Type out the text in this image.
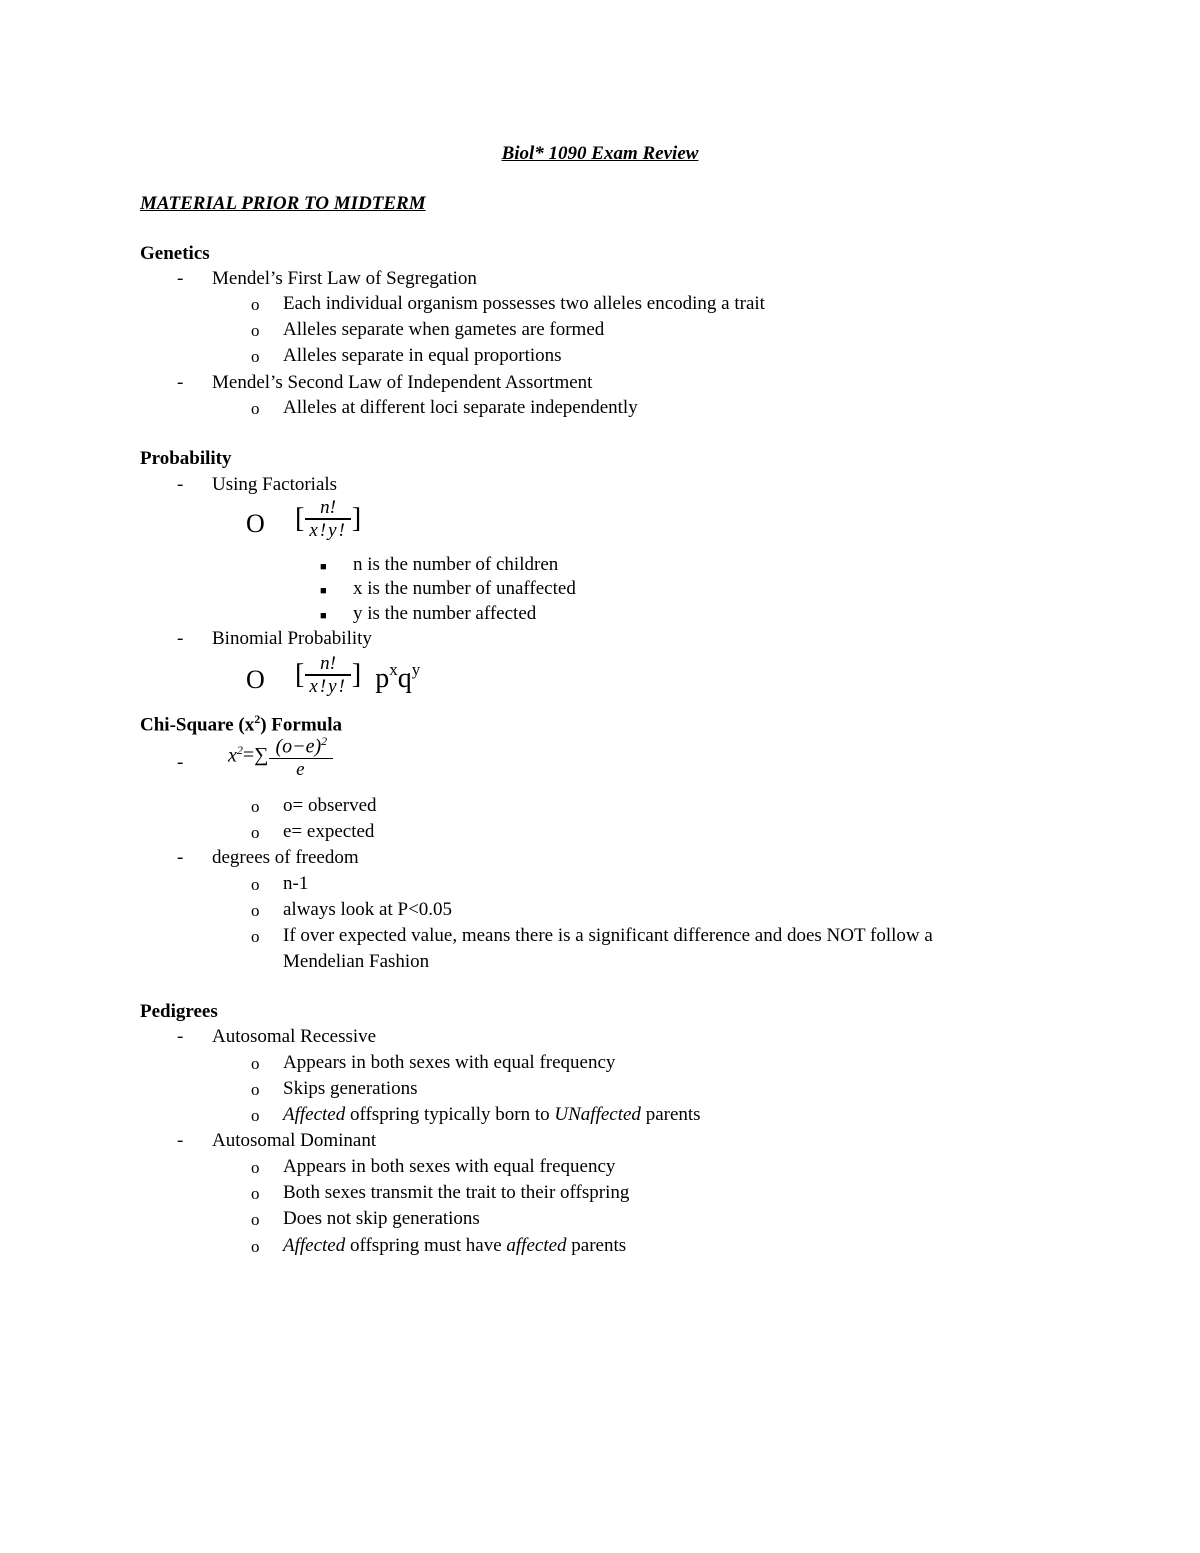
Biol* 1090 Exam Review
MATERIAL PRIOR TO MIDTERM
Genetics
- Mendel’s First Law of Segregation
o Each individual organism possesses two alleles encoding a trait
o Alleles separate when gametes are formed
o Alleles separate in equal proportions
- Mendel’s Second Law of Independent Assortment
o Alleles at different loci separate independently
Probability
- Using Factorials
O [ $\frac{n!}{x!y!}$ ]
■ n is the number of children
■ x is the number of unaffected
■ y is the number affected
- Binomial Probability
O [ $\frac{n!}{x!y!}$ ] $p^xq^y$
Chi-Square $(x^2)$ Formula
- $x^2$ =∑ $\frac{(o-e)^2}{e}$
o o= observed
o e= expected
- degrees of freedom
o n-1
o always look at P<0.05
o If over expected value, means there is a significant difference and does NOT follow a
Mendelian Fashion
Pedigrees
- Autosomal Recessive
o Appears in both sexes with equal frequency
o Skips generations
o Affected offspring typically born to UNaffected parents
- Autosomal Dominant
o Appears in both sexes with equal frequency
o Both sexes transmit the trait to their offspring
o Does not skip generations
o Affected offspring must have affected parents
